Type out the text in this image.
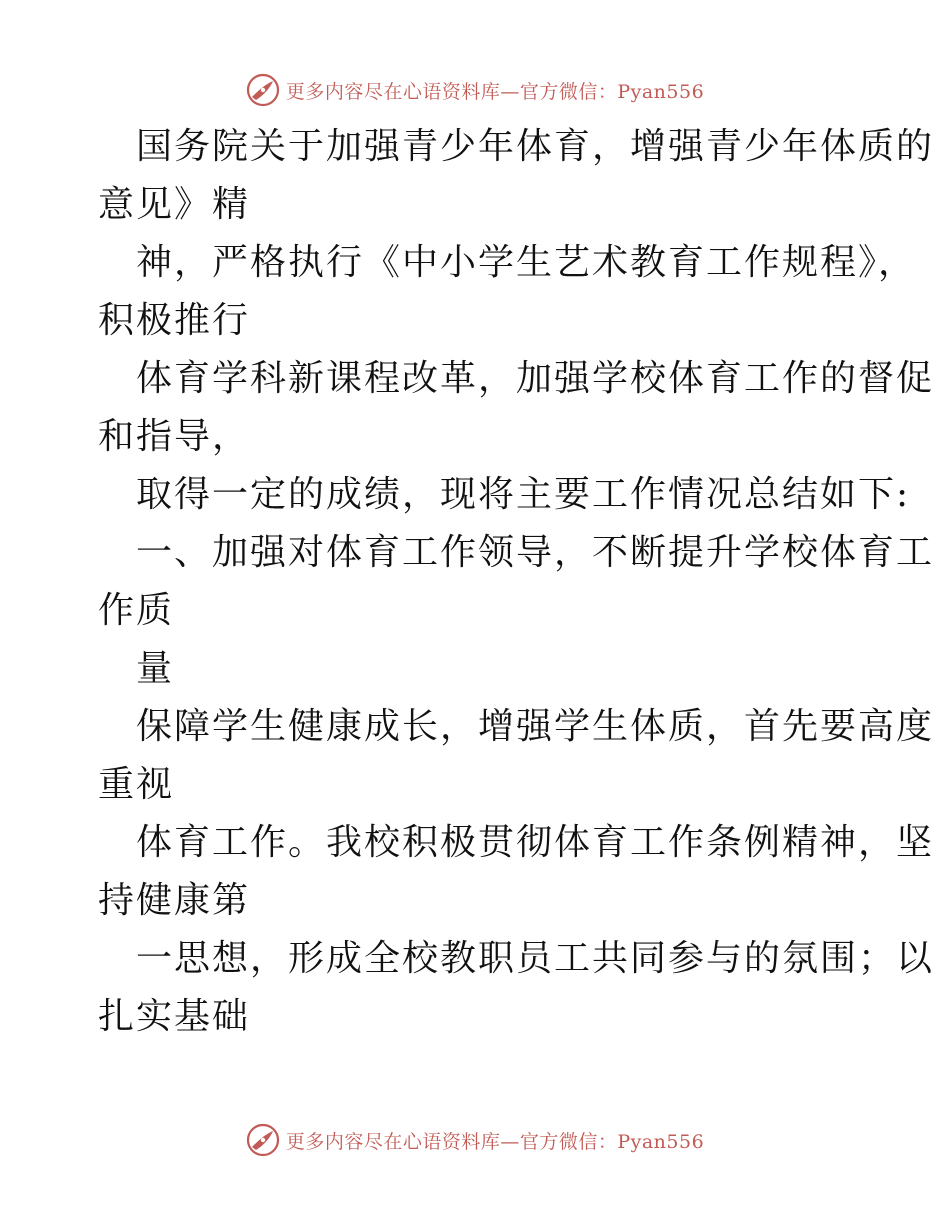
更多内容尽在心语资料库—官方微信：Pyan556
国务院关于加强青少年体育，增强青少年体质的
意见》精
神，严格执行《中小学生艺术教育工作规程》，
积极推行
体育学科新课程改革，加强学校体育工作的督促
和指导，
取得一定的成绩，现将主要工作情况总结如下:
一、加强对体育工作领导，不断提升学校体育工
作质
量
保障学生健康成长，增强学生体质，首先要高度
重视
体育工作。我校积极贯彻体育工作条例精神，坚
持健康第
一思想，形成全校教职员工共同参与的氛围；以
扎实基础
更多内容尽在心语资料库—官方微信：Pyan556
